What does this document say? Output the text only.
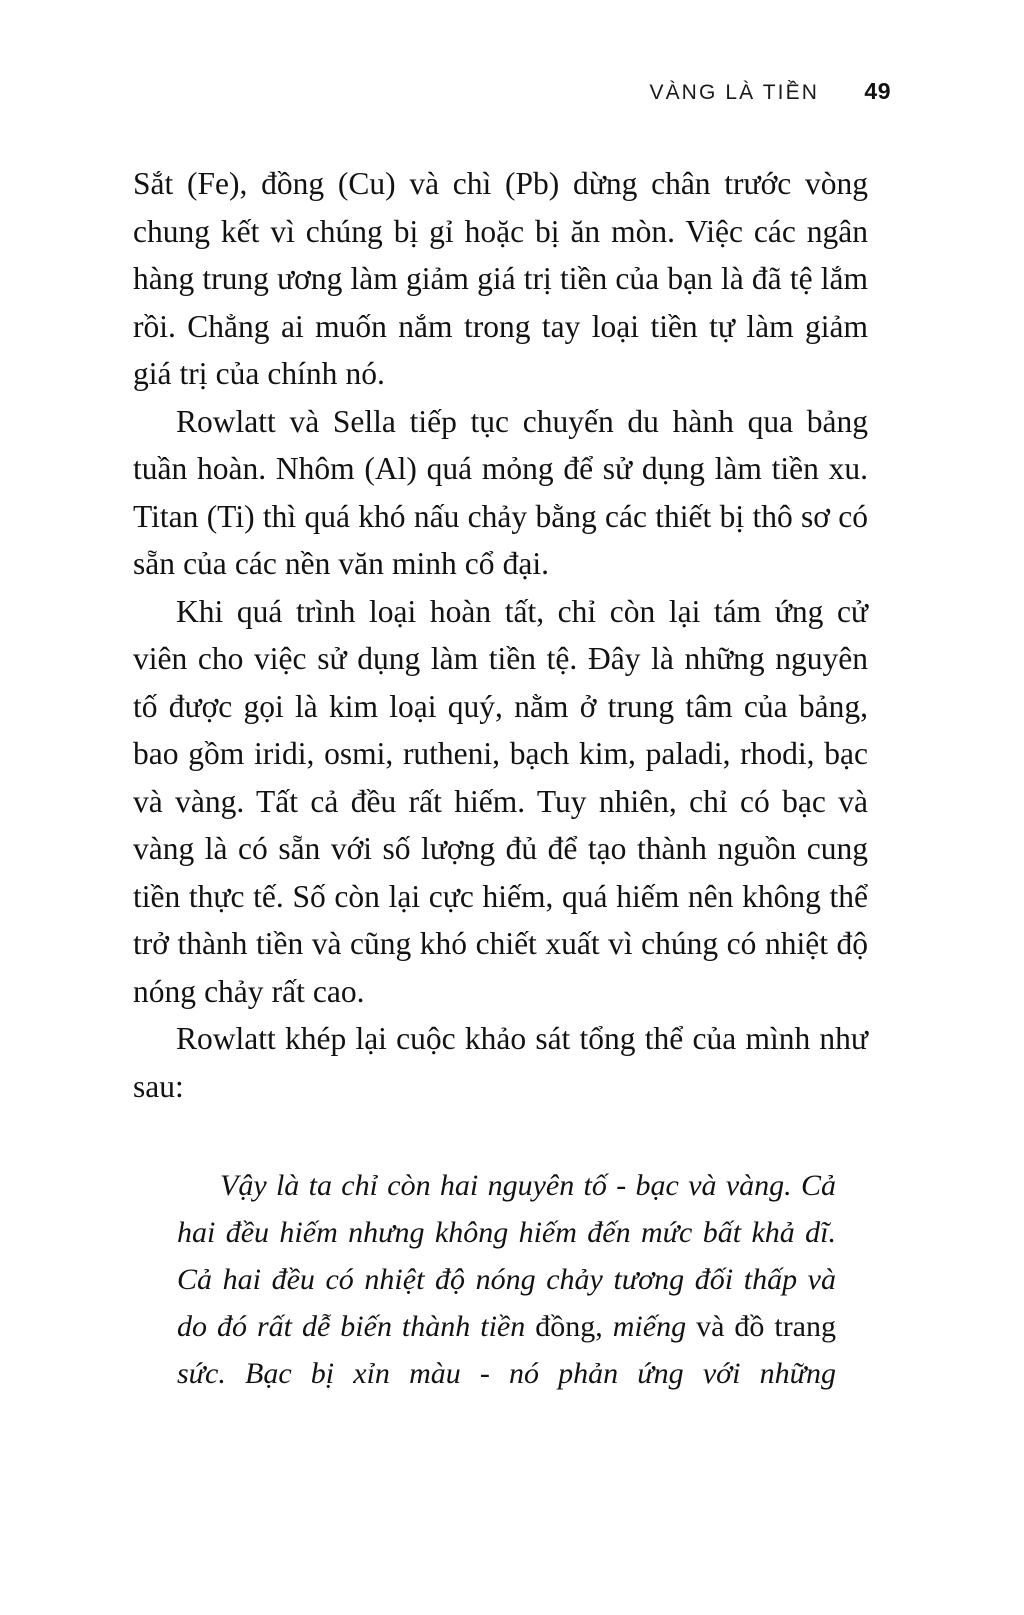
VÀNG LÀ TIỀN	49

Sắt (Fe), đồng (Cu) và chì (Pb) dừng chân trước vòng chung kết vì chúng bị gỉ hoặc bị ăn mòn. Việc các ngân hàng trung ương làm giảm giá trị tiền của bạn là đã tệ lắm rồi. Chẳng ai muốn nắm trong tay loại tiền tự làm giảm giá trị của chính nó.

Rowlatt và Sella tiếp tục chuyến du hành qua bảng tuần hoàn. Nhôm (Al) quá mỏng để sử dụng làm tiền xu. Titan (Ti) thì quá khó nấu chảy bằng các thiết bị thô sơ có sẵn của các nền văn minh cổ đại.

Khi quá trình loại hoàn tất, chỉ còn lại tám ứng cử viên cho việc sử dụng làm tiền tệ. Đây là những nguyên tố được gọi là kim loại quý, nằm ở trung tâm của bảng, bao gồm iridi, osmi, rutheni, bạch kim, paladi, rhodi, bạc và vàng. Tất cả đều rất hiếm. Tuy nhiên, chỉ có bạc và vàng là có sẵn với số lượng đủ để tạo thành nguồn cung tiền thực tế. Số còn lại cực hiếm, quá hiếm nên không thể trở thành tiền và cũng khó chiết xuất vì chúng có nhiệt độ nóng chảy rất cao.

Rowlatt khép lại cuộc khảo sát tổng thể của mình như sau:

Vậy là ta chỉ còn hai nguyên tố - bạc và vàng. Cả hai đều hiếm nhưng không hiếm đến mức bất khả dĩ. Cả hai đều có nhiệt độ nóng chảy tương đối thấp và do đó rất dễ biến thành tiền đồng, miếng và đồ trang sức. Bạc bị xỉn màu - nó phản ứng với những
